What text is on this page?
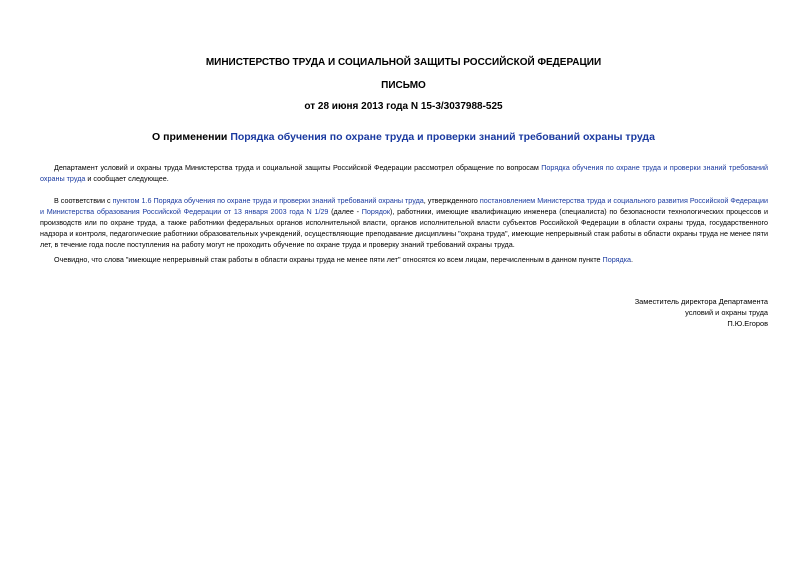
МИНИСТЕРСТВО ТРУДА И СОЦИАЛЬНОЙ ЗАЩИТЫ РОССИЙСКОЙ ФЕДЕРАЦИИ
ПИСЬМО
от 28 июня 2013 года N 15-3/3037988-525
О применении Порядка обучения по охране труда и проверки знаний требований охраны труда

Департамент условий и охраны труда Министерства труда и социальной защиты Российской Федерации рассмотрел обращение по вопросам Порядка обучения по охране труда и проверки знаний требований охраны труда и сообщает следующее.

В соответствии с пунктом 1.6 Порядка обучения по охране труда и проверки знаний требований охраны труда, утвержденного постановлением Министерства труда и социального развития Российской Федерации и Министерства образования Российской Федерации от 13 января 2003 года N 1/29 (далее - Порядок), работники, имеющие квалификацию инженера (специалиста) по безопасности технологических процессов и производств или по охране труда, а также работники федеральных органов исполнительной власти, органов исполнительной власти субъектов Российской Федерации в области охраны труда, государственного надзора и контроля, педагогические работники образовательных учреждений, осуществляющие преподавание дисциплины "охрана труда", имеющие непрерывный стаж работы в области охраны труда не менее пяти лет, в течение года после поступления на работу могут не проходить обучение по охране труда и проверку знаний требований охраны труда.

Очевидно, что слова "имеющие непрерывный стаж работы в области охраны труда не менее пяти лет" относятся ко всем лицам, перечисленным в данном пункте Порядка.

Заместитель директора Департамента
условий и охраны труда
П.Ю.Егоров
